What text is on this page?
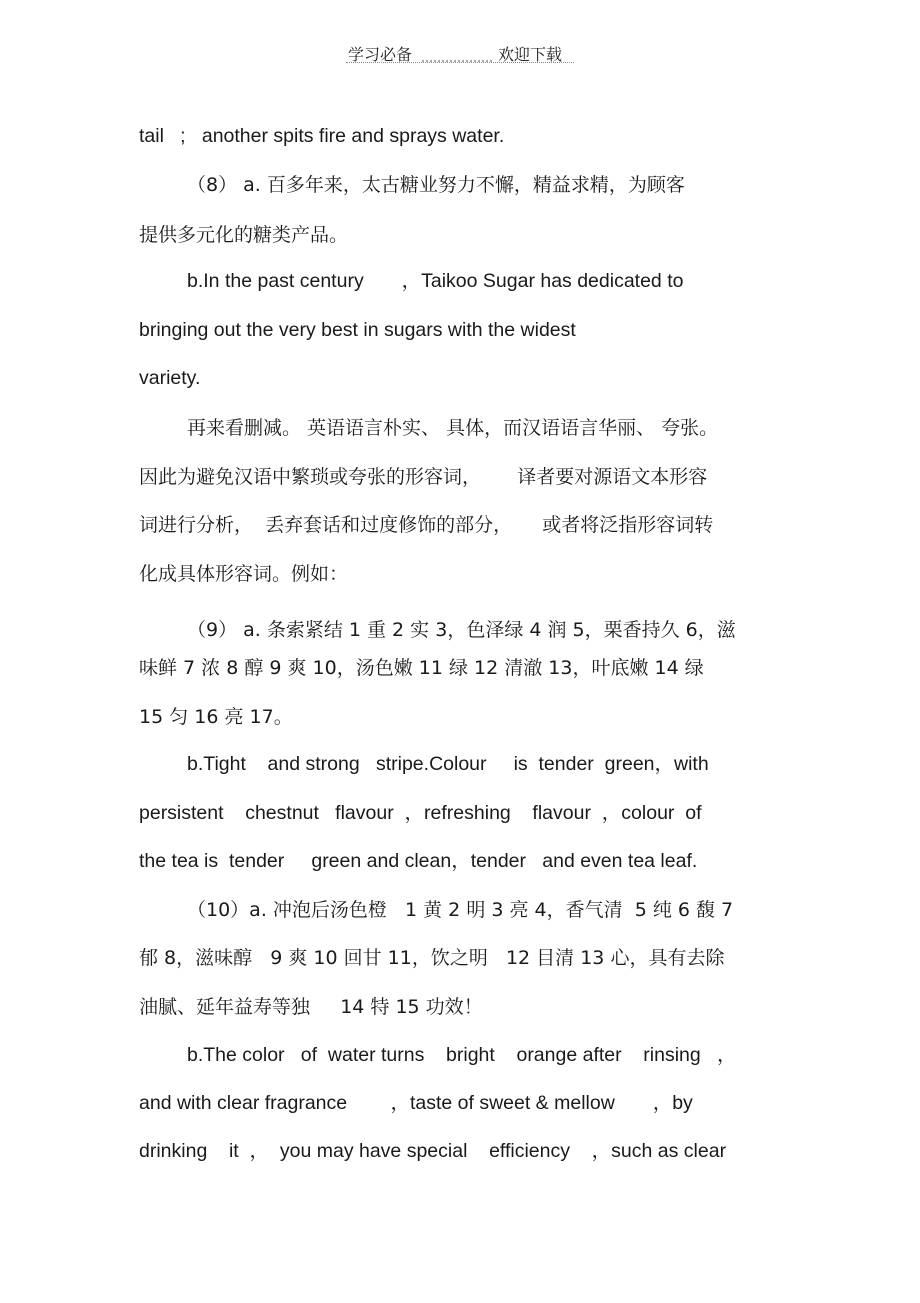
学习必备	欢迎下载
tail   ;   another spits fire and sprays water.
（8） a. 百多年来，太古糖业努力不懈，精益求精，为顾客
提供多元化的糖类产品。
b.In the past century       ，Taikoo Sugar has dedicated to
bringing out the very best in sugars with the widest
variety.
再来看删减。 英语语言朴实、 具体，而汉语语言华丽、 夸张。
因此为避免汉语中繁琐或夸张的形容词，      译者要对源语文本形容
词进行分析，  丢弃套话和过度修饰的部分，     或者将泛指形容词转
化成具体形容词。例如：
（9） a. 条索紧结 1 重 2 实 3，色泽绿 4 润 5，栗香持久 6，滋
味鲜 7 浓 8 醇 9 爽 10，汤色嫩 11 绿 12 清澈 13，叶底嫩 14 绿
15 匀 16 亮 17。
b.Tight    and strong   stripe.Colour     is  tender  green，with
persistent    chestnut   flavour  ，refreshing    flavour  ，colour  of
the tea is  tender     green and clean，tender   and even tea leaf.
（10）a. 冲泡后汤色橙   1 黄 2 明 3 亮 4，香气清  5 纯 6 馥 7
郁 8，滋味醇   9 爽 10 回甘 11，饮之明   12 目清 13 心，具有去除
油腻、延年益寿等独     14 特 15 功效！
b.The color   of  water turns    bright    orange after    rinsing   ，
and with clear fragrance        ，taste of sweet & mellow       ，by
drinking    it  ，  you may have special    efficiency    ，such as clear
